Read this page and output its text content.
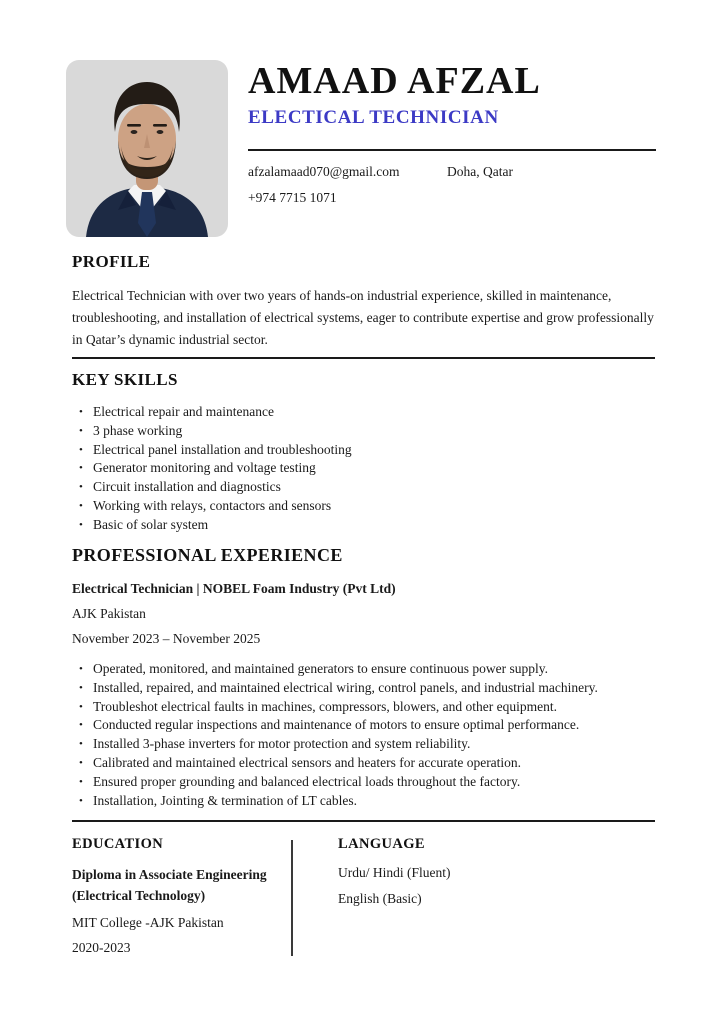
AMAAD AFZAL
ELECTICAL TECHNICIAN
afzalamaad070@gmail.com	Doha, Qatar
+974 7715 1071
PROFILE
Electrical Technician with over two years of hands-on industrial experience, skilled in maintenance, troubleshooting, and installation of electrical systems, eager to contribute expertise and grow professionally in Qatar’s dynamic industrial sector.
KEY SKILLS
• Electrical repair and maintenance
• 3 phase working
• Electrical panel installation and troubleshooting
• Generator monitoring and voltage testing
• Circuit installation and diagnostics
• Working with relays, contactors and sensors
• Basic of solar system
PROFESSIONAL EXPERIENCE
Electrical Technician | NOBEL Foam Industry (Pvt Ltd)
AJK Pakistan
November 2023 – November 2025
• Operated, monitored, and maintained generators to ensure continuous power supply.
• Installed, repaired, and maintained electrical wiring, control panels, and industrial machinery.
• Troubleshot electrical faults in machines, compressors, blowers, and other equipment.
• Conducted regular inspections and maintenance of motors to ensure optimal performance.
• Installed 3-phase inverters for motor protection and system reliability.
• Calibrated and maintained electrical sensors and heaters for accurate operation.
• Ensured proper grounding and balanced electrical loads throughout the factory.
• Installation, Jointing & termination of LT cables.
EDUCATION
Diploma in Associate Engineering
(Electrical Technology)
MIT College -AJK Pakistan
2020-2023
LANGUAGE
Urdu/ Hindi (Fluent)
English (Basic)
